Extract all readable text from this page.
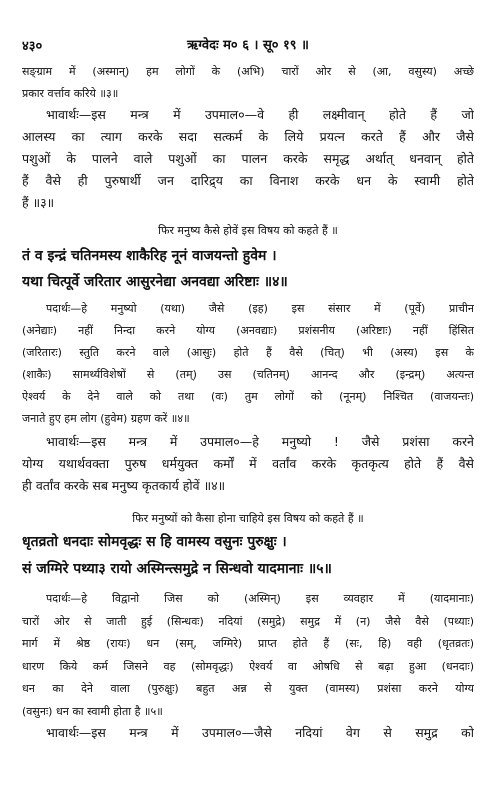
४३०	ऋग्वेदः म० ६ । सू० १९ ॥
सङ्ग्राम में (अस्मान्) हम लोगों के (अभि) चारों ओर से (आ, वसुस्य) अच्छे
प्रकार वर्त्ताव करिये ॥३॥
भावार्थः—इस मन्त्र में उपमाल०—वे ही लक्ष्मीवान् होते हैं जो
आलस्य का त्याग करके सदा सत्कर्म के लिये प्रयत्न करते हैं और जैसे
पशुओं के पालने वाले पशुओं का पालन करके समृद्ध अर्थात् धनवान् होते
हैं वैसे ही पुरुषार्थी जन दारिद्र्य का विनाश करके धन के स्वामी होते
हैं ॥३॥
फिर मनुष्य कैसे होवें इस विषय को कहते हैं ॥
तं व इन्द्रं चतिनमस्य शाकैरिह नूनं वाजयन्तो हुवेम ।
यथा चित्पूर्वे जरितार आसुरनेद्या अनवद्या अरिष्टाः ॥४॥
पदार्थः—हे मनुष्यो (यथा) जैसे (इह) इस संसार में (पूर्वे) प्राचीन
(अनेद्याः) नहीं निन्दा करने योग्य (अनवद्याः) प्रशंसनीय (अरिष्टाः) नहीं हिंसित
(जरितारः) स्तुति करने वाले (आसुः) होते हैं वैसे (चित्) भी (अस्य) इस के
(शाकैः) सामर्थ्यविशेषों से (तम्) उस (चतिनम्) आनन्द और (इन्द्रम्) अत्यन्त
ऐश्वर्य के देने वाले को तथा (वः) तुम लोगों को (नूनम्) निश्चित (वाजयन्तः)
जनाते हुए हम लोग (हुवेम) ग्रहण करें ॥४॥
भावार्थः—इस मन्त्र में उपमाल०—हे मनुष्यो ! जैसे प्रशंसा करने
योग्य यथार्थवक्ता पुरुष धर्मयुक्त कर्मों में वर्तांव करके कृतकृत्य होते हैं वैसे
ही वर्तांव करके सब मनुष्य कृतकार्य होवें ॥४॥
फिर मनुष्यों को कैसा होना चाहिये इस विषय को कहते हैं ॥
धृतव्रतो धनदाः सोमवृद्धः स हि वामस्य वसुनः पुरुक्षुः ।
सं जग्मिरे पथ्या३ रायो अस्मिन्त्समुद्रे न सिन्धवो यादमानाः ॥५॥
पदार्थः—हे विद्वानो जिस को (अस्मिन्) इस व्यवहार में (यादमानाः)
चारों ओर से जाती हुई (सिन्धवः) नदियां (समुद्रे) समुद्र में (न) जैसे वैसे (पथ्याः)
मार्ग में श्रेष्ठ (रायः) धन (सम्, जग्मिरे) प्राप्त होते हैं (सः, हि) वही (धृतव्रतः)
धारण किये कर्म जिसने वह (सोमवृद्धः) ऐश्वर्य वा ओषधि से बढ़ा हुआ (धनदाः)
धन का देने वाला (पुरुक्षुः) बहुत अन्न से युक्त (वामस्य) प्रशंसा करने योग्य
(वसुनः) धन का स्वामी होता है ॥५॥
भावार्थः—इस मन्त्र में उपमाल०—जैसे नदियां वेग से समुद्र को
